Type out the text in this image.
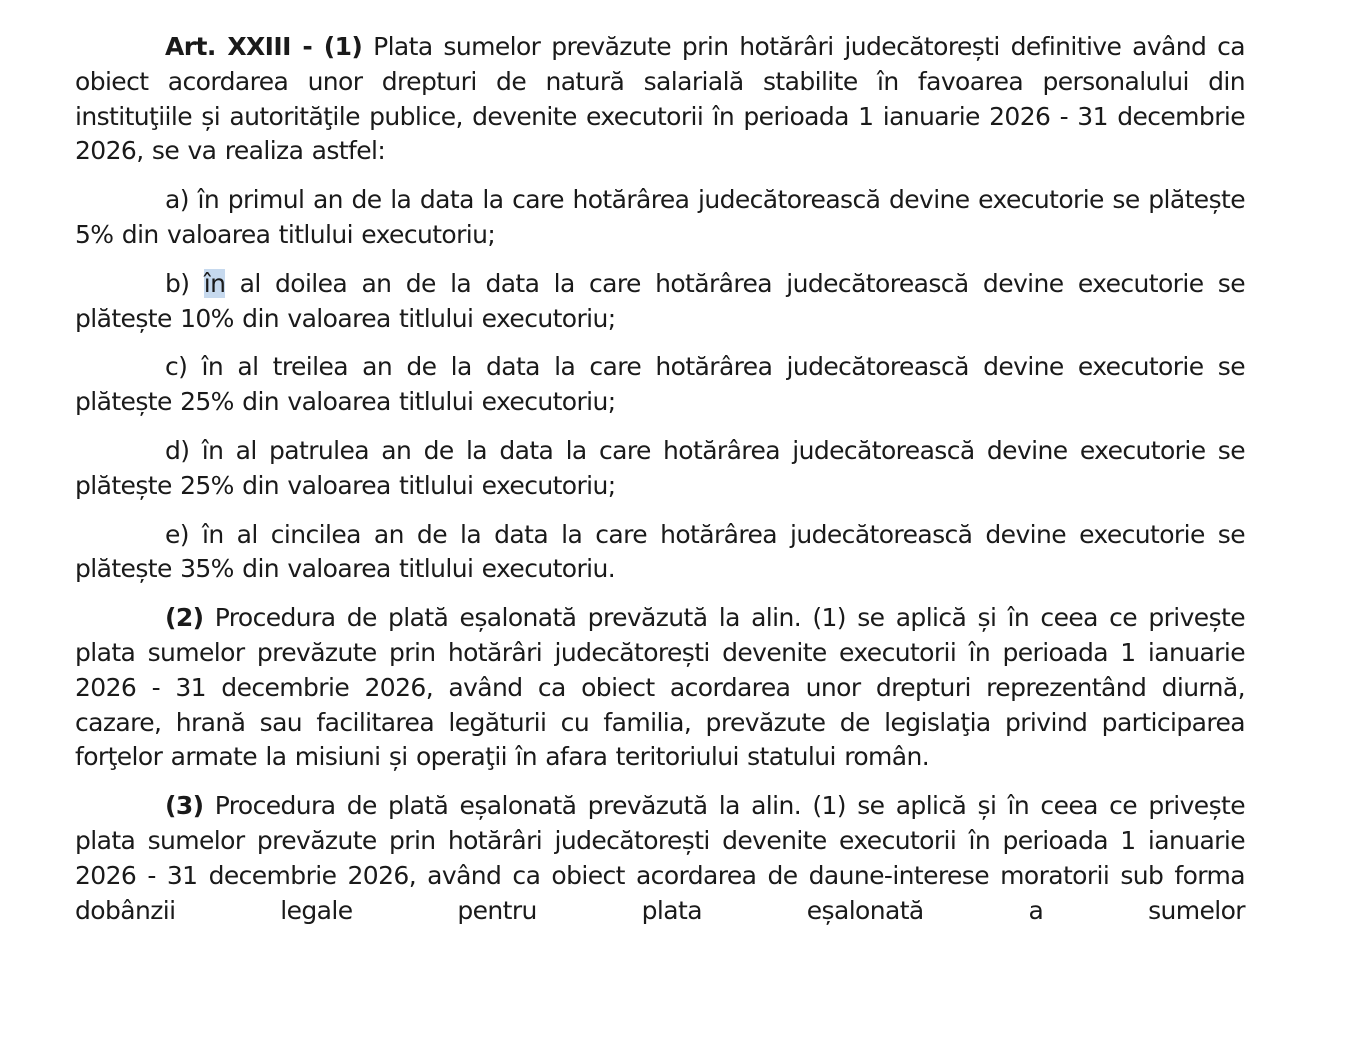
Art. XXIII - (1) Plata sumelor prevăzute prin hotărâri judecătorești definitive având ca obiect acordarea unor drepturi de natură salarială stabilite în favoarea personalului din instituţiile și autorităţile publice, devenite executorii în perioada 1 ianuarie 2026 - 31 decembrie 2026, se va realiza astfel:

a) în primul an de la data la care hotărârea judecătorească devine executorie se plătește 5% din valoarea titlului executoriu;

b) în al doilea an de la data la care hotărârea judecătorească devine executorie se plătește 10% din valoarea titlului executoriu;

c) în al treilea an de la data la care hotărârea judecătorească devine executorie se plătește 25% din valoarea titlului executoriu;

d) în al patrulea an de la data la care hotărârea judecătorească devine executorie se plătește 25% din valoarea titlului executoriu;

e) în al cincilea an de la data la care hotărârea judecătorească devine executorie se plătește 35% din valoarea titlului executoriu.

(2) Procedura de plată eșalonată prevăzută la alin. (1) se aplică și în ceea ce privește plata sumelor prevăzute prin hotărâri judecătorești devenite executorii în perioada 1 ianuarie 2026 - 31 decembrie 2026, având ca obiect acordarea unor drepturi reprezentând diurnă, cazare, hrană sau facilitarea legăturii cu familia, prevăzute de legislaţia privind participarea forţelor armate la misiuni și operaţii în afara teritoriului statului român.

(3) Procedura de plată eșalonată prevăzută la alin. (1) se aplică și în ceea ce privește plata sumelor prevăzute prin hotărâri judecătorești devenite executorii în perioada 1 ianuarie 2026 - 31 decembrie 2026, având ca obiect acordarea de daune-interese moratorii sub forma dobânzii legale pentru plata eșalonată a sumelor
